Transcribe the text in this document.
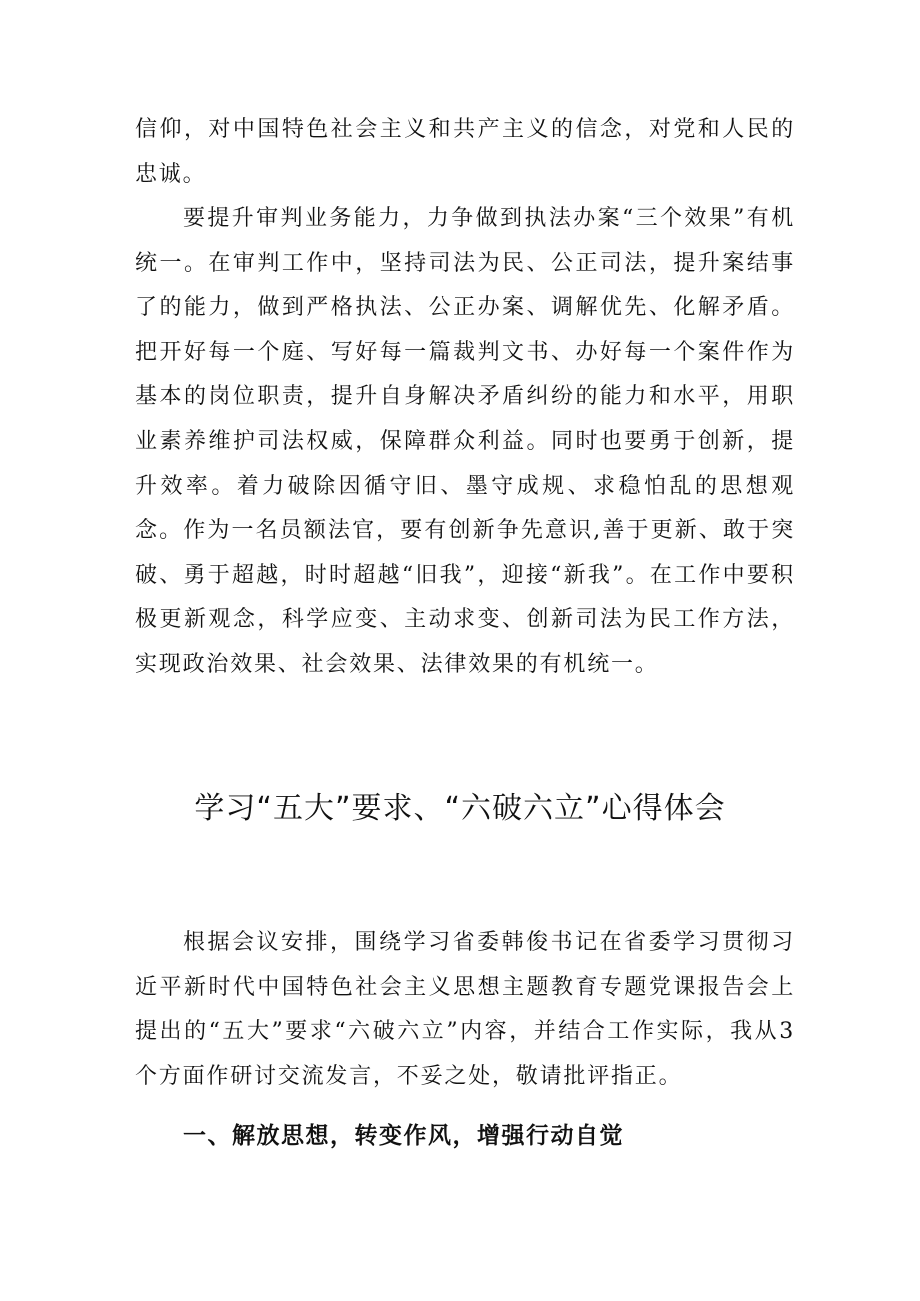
信仰，对中国特色社会主义和共产主义的信念，对党和人民的忠诚。

要提升审判业务能力，力争做到执法办案“三个效果”有机统一。在审判工作中，坚持司法为民、公正司法，提升案结事了的能力，做到严格执法、公正办案、调解优先、化解矛盾。把开好每一个庭、写好每一篇裁判文书、办好每一个案件作为基本的岗位职责，提升自身解决矛盾纠纷的能力和水平，用职业素养维护司法权威，保障群众利益。同时也要勇于创新，提升效率。着力破除因循守旧、墨守成规、求稳怕乱的思想观念。作为一名员额法官，要有创新争先意识,善于更新、敢于突破、勇于超越，时时超越“旧我”，迎接“新我”。在工作中要积极更新观念，科学应变、主动求变、创新司法为民工作方法，实现政治效果、社会效果、法律效果的有机统一。

学习“五大”要求、“六破六立”心得体会

根据会议安排，围绕学习省委韩俊书记在省委学习贯彻习近平新时代中国特色社会主义思想主题教育专题党课报告会上提出的“五大”要求“六破六立”内容，并结合工作实际，我从3个方面作研讨交流发言，不妥之处，敬请批评指正。

一、解放思想，转变作风，增强行动自觉
